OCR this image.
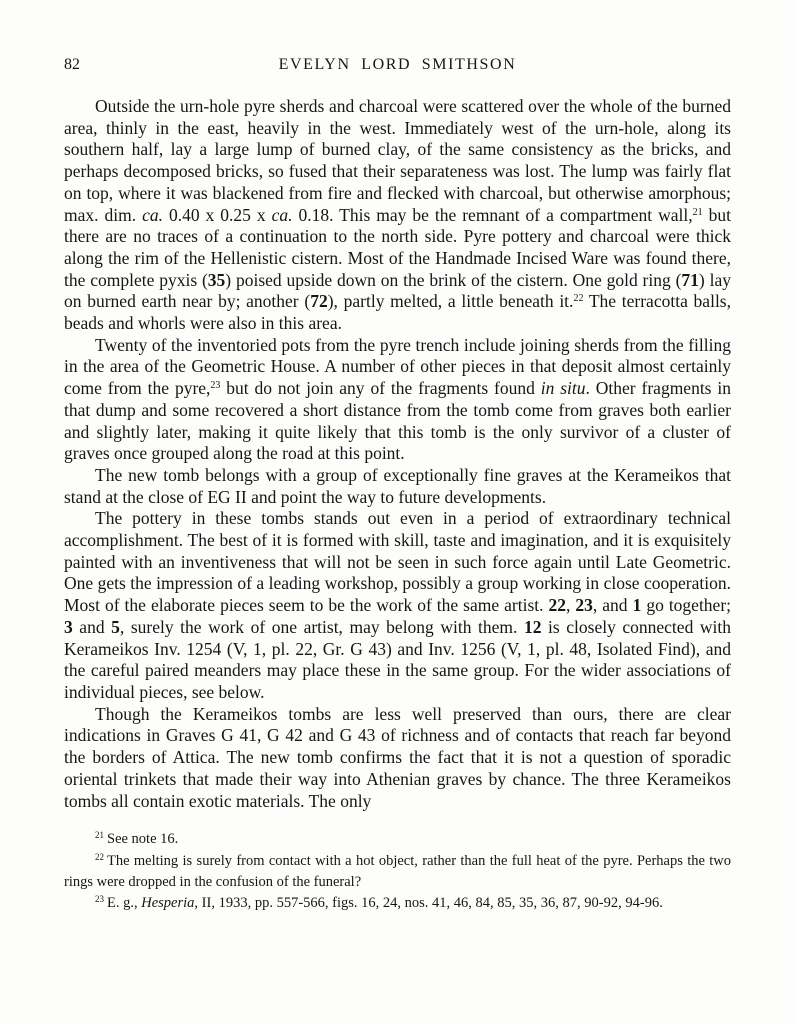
82	EVELYN LORD SMITHSON

Outside the urn-hole pyre sherds and charcoal were scattered over the whole of the burned area, thinly in the east, heavily in the west. Immediately west of the urn-hole, along its southern half, lay a large lump of burned clay, of the same consistency as the bricks, and perhaps decomposed bricks, so fused that their separateness was lost. The lump was fairly flat on top, where it was blackened from fire and flecked with charcoal, but otherwise amorphous; max. dim. ca. 0.40 x 0.25 x ca. 0.18. This may be the remnant of a compartment wall,$^{21}$ but there are no traces of a continuation to the north side. Pyre pottery and charcoal were thick along the rim of the Hellenistic cistern. Most of the Handmade Incised Ware was found there, the complete pyxis (35) poised upside down on the brink of the cistern. One gold ring (71) lay on burned earth near by; another (72), partly melted, a little beneath it.$^{22}$ The terracotta balls, beads and whorls were also in this area.

Twenty of the inventoried pots from the pyre trench include joining sherds from the filling in the area of the Geometric House. A number of other pieces in that deposit almost certainly come from the pyre,$^{23}$ but do not join any of the fragments found in situ. Other fragments in that dump and some recovered a short distance from the tomb come from graves both earlier and slightly later, making it quite likely that this tomb is the only survivor of a cluster of graves once grouped along the road at this point.

The new tomb belongs with a group of exceptionally fine graves at the Kerameikos that stand at the close of EG II and point the way to future developments.

The pottery in these tombs stands out even in a period of extraordinary technical accomplishment. The best of it is formed with skill, taste and imagination, and it is exquisitely painted with an inventiveness that will not be seen in such force again until Late Geometric. One gets the impression of a leading workshop, possibly a group working in close cooperation. Most of the elaborate pieces seem to be the work of the same artist. 22, 23, and 1 go together; 3 and 5, surely the work of one artist, may belong with them. 12 is closely connected with Kerameikos Inv. 1254 (V, 1, pl. 22, Gr. G 43) and Inv. 1256 (V, 1, pl. 48, Isolated Find), and the careful paired meanders may place these in the same group. For the wider associations of individual pieces, see below.

Though the Kerameikos tombs are less well preserved than ours, there are clear indications in Graves G 41, G 42 and G 43 of richness and of contacts that reach far beyond the borders of Attica. The new tomb confirms the fact that it is not a question of sporadic oriental trinkets that made their way into Athenian graves by chance. The three Kerameikos tombs all contain exotic materials. The only

$^{21}$ See note 16.

$^{22}$ The melting is surely from contact with a hot object, rather than the full heat of the pyre. Perhaps the two rings were dropped in the confusion of the funeral?

$^{23}$ E. g., Hesperia, II, 1933, pp. 557-566, figs. 16, 24, nos. 41, 46, 84, 85, 35, 36, 87, 90-92, 94-96.
